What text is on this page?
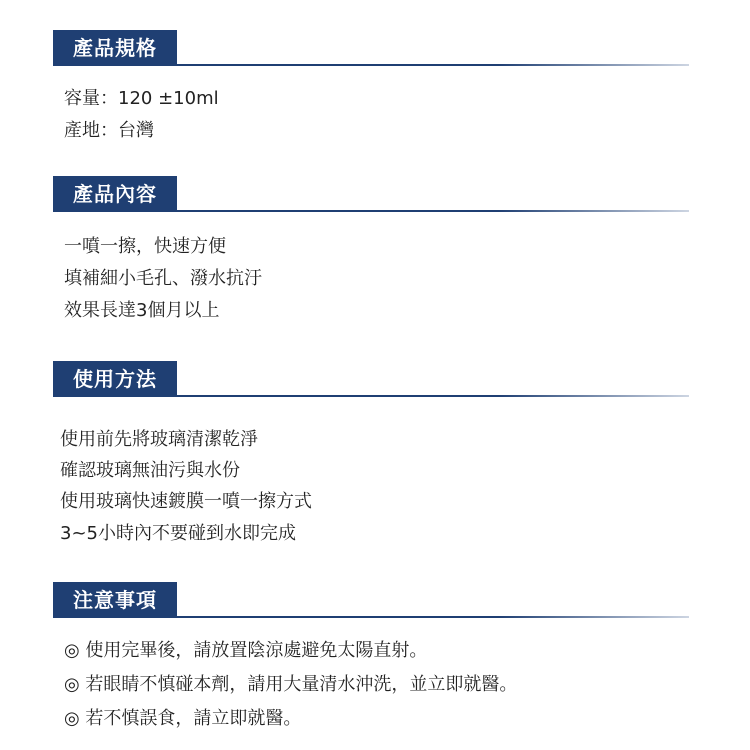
產品規格
容量：120 ±10ml
產地：台灣
產品內容
一噴一擦，快速方便
填補細小毛孔、潑水抗汙
效果長達3個月以上
使用方法
使用前先將玻璃清潔乾淨
確認玻璃無油污與水份
使用玻璃快速鍍膜一噴一擦方式
3~5小時內不要碰到水即完成
注意事項
◎ 使用完畢後，請放置陰涼處避免太陽直射。
◎ 若眼睛不慎碰本劑，請用大量清水沖洗，並立即就醫。
◎ 若不慎誤食，請立即就醫。
